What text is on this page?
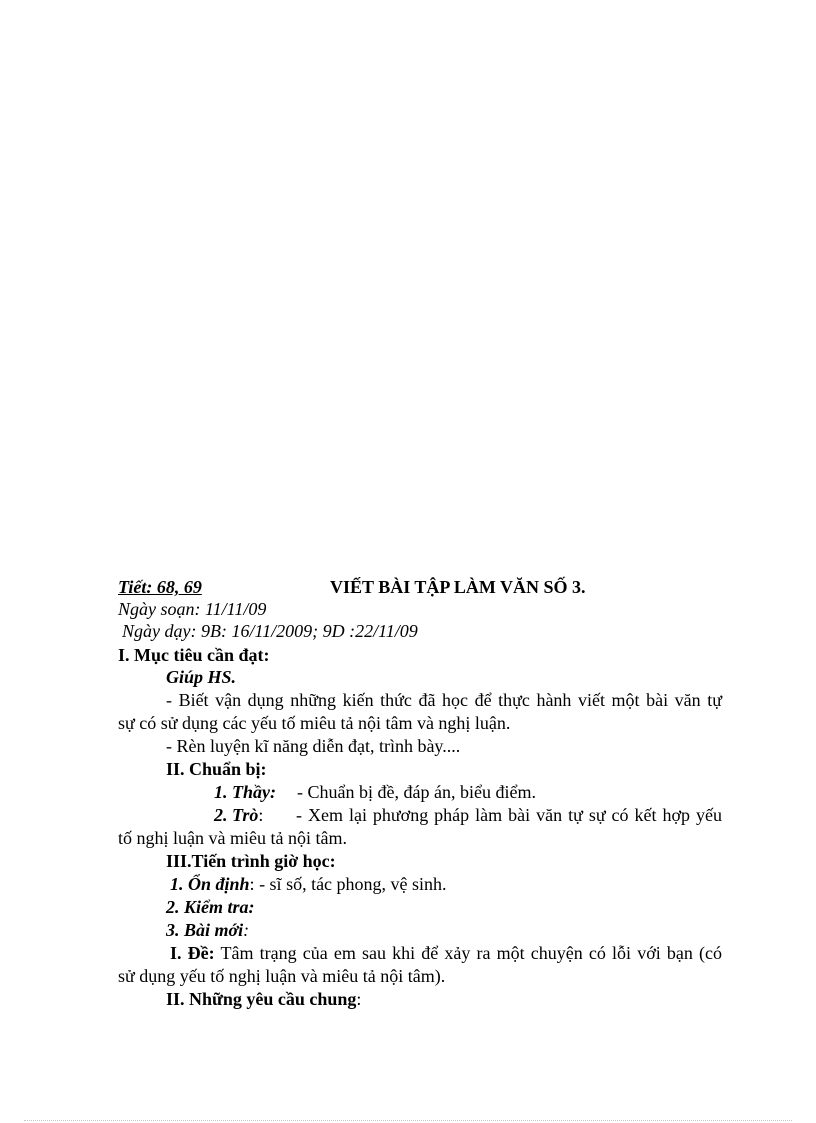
Tiết: 68, 69	VIẾT BÀI TẬP LÀM VĂN SỐ 3.
Ngày soạn: 11/11/09
Ngày dạy: 9B: 16/11/2009; 9D :22/11/09
I. Mục tiêu cần đạt:
Giúp HS.
- Biết vận dụng những kiến thức đã học để thực hành viết một bài văn tự
sự có sử dụng các yếu tố miêu tả nội tâm và nghị luận.
- Rèn luyện kĩ năng diễn đạt, trình bày....
II. Chuẩn bị:
1. Thầy: - Chuẩn bị đề, đáp án, biểu điểm.
2. Trò: - Xem lại phương pháp làm bài văn tự sự có kết hợp yếu
tố nghị luận và miêu tả nội tâm.
III.Tiến trình giờ học:
1. Ổn định: - sĩ số, tác phong, vệ sinh.
2. Kiểm tra:
3. Bài mới:
I. Đề: Tâm trạng của em sau khi để xảy ra một chuyện có lỗi với bạn (có
sử dụng yếu tố nghị luận và miêu tả nội tâm).
II. Những yêu cầu chung:
